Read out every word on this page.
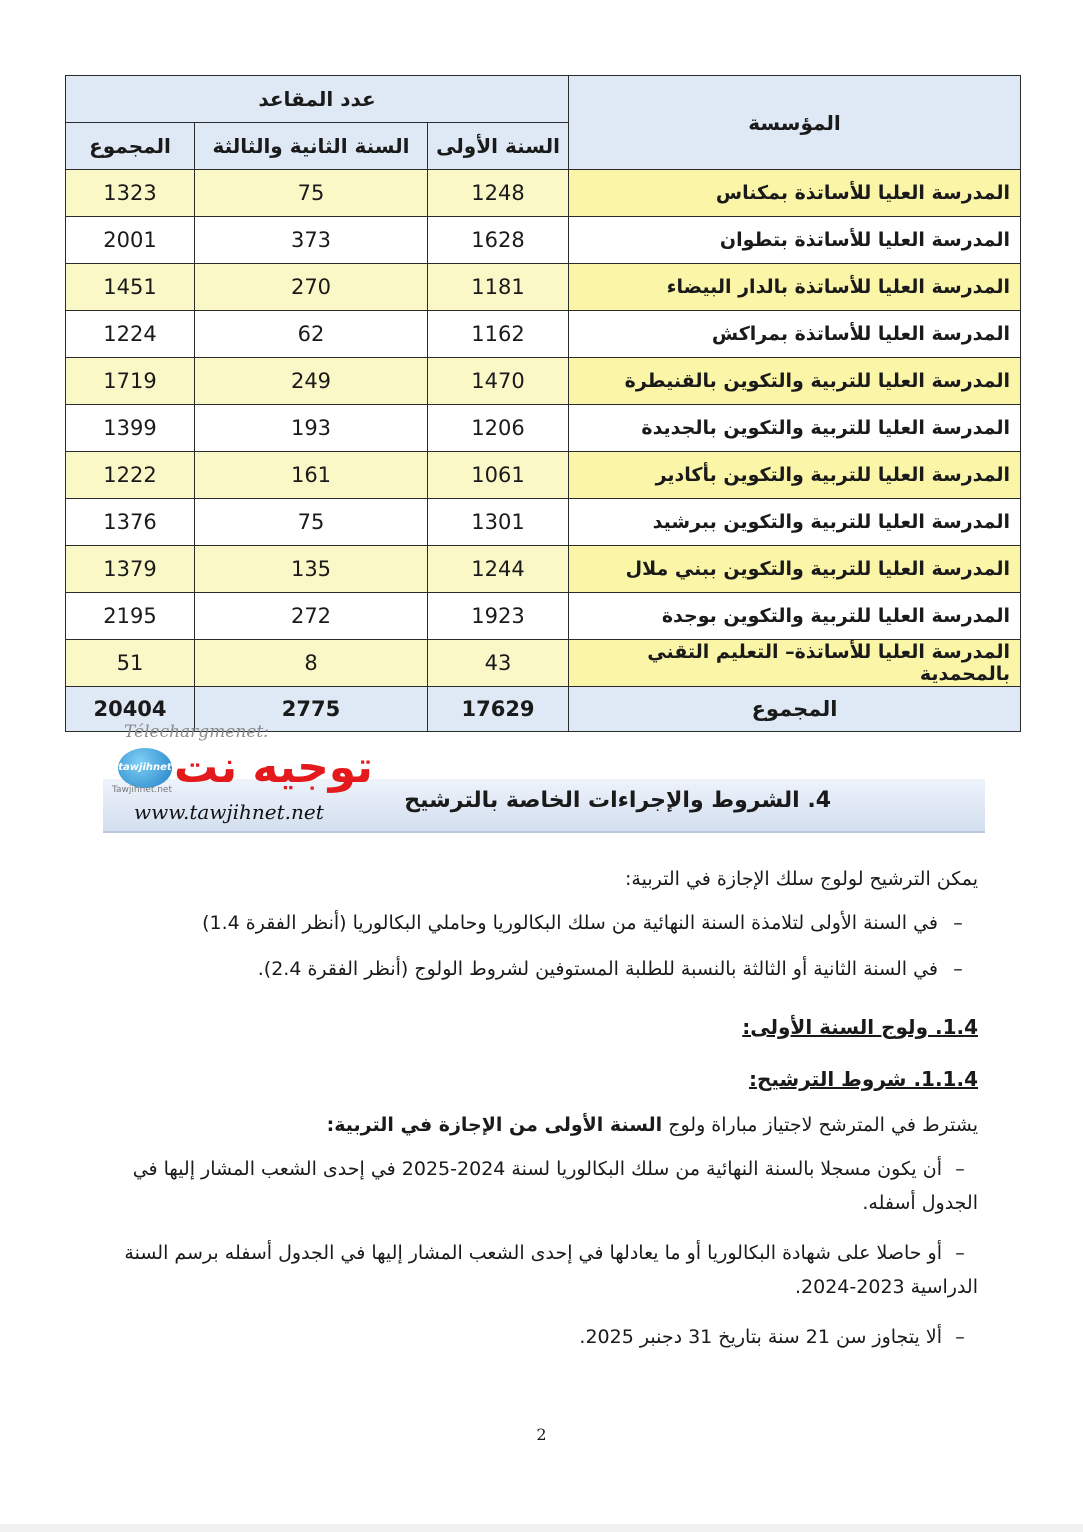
عدد المقاعد			المؤسسة
المجموع	السنة الثانية والثالثة	السنة الأولى	
1323	75	1248	المدرسة العليا للأساتذة بمكناس
2001	373	1628	المدرسة العليا للأساتذة بتطوان
1451	270	1181	المدرسة العليا للأساتذة بالدار البيضاء
1224	62	1162	المدرسة العليا للأساتذة بمراكش
1719	249	1470	المدرسة العليا للتربية والتكوين بالقنيطرة
1399	193	1206	المدرسة العليا للتربية والتكوين بالجديدة
1222	161	1061	المدرسة العليا للتربية والتكوين بأكادير
1376	75	1301	المدرسة العليا للتربية والتكوين ببرشيد
1379	135	1244	المدرسة العليا للتربية والتكوين ببني ملال
2195	272	1923	المدرسة العليا للتربية والتكوين بوجدة
51	8	43	المدرسة العليا للأساتذة– التعليم التقني بالمحمدية
20404	2775	17629	المجموع
4. الشروط والإجراءات الخاصة بالترشيح
Télechargmenet:
توجيه نت
tawjihnet
Tawjihnet.net
www.tawjihnet.net
يمكن الترشيح لولوج سلك الإجازة في التربية:
–في السنة الأولى لتلامذة السنة النهائية من سلك البكالوريا وحاملي البكالوريا (أنظر الفقرة 1.4)
–في السنة الثانية أو الثالثة بالنسبة للطلبة المستوفين لشروط الولوج (أنظر الفقرة 2.4).
1.4. ولوج السنة الأولى:
1.1.4. شروط الترشيح:
يشترط في المترشح لاجتياز مباراة ولوج السنة الأولى من الإجازة في التربية:
–أن يكون مسجلا بالسنة النهائية من سلك البكالوريا لسنة 2024-2025 في إحدى الشعب المشار إليها في الجدول أسفله.
–أو حاصلا على شهادة البكالوريا أو ما يعادلها في إحدى الشعب المشار إليها في الجدول أسفله برسم السنة الدراسية 2023-2024.
–ألا يتجاوز سن 21 سنة بتاريخ 31 دجنبر 2025.
2
